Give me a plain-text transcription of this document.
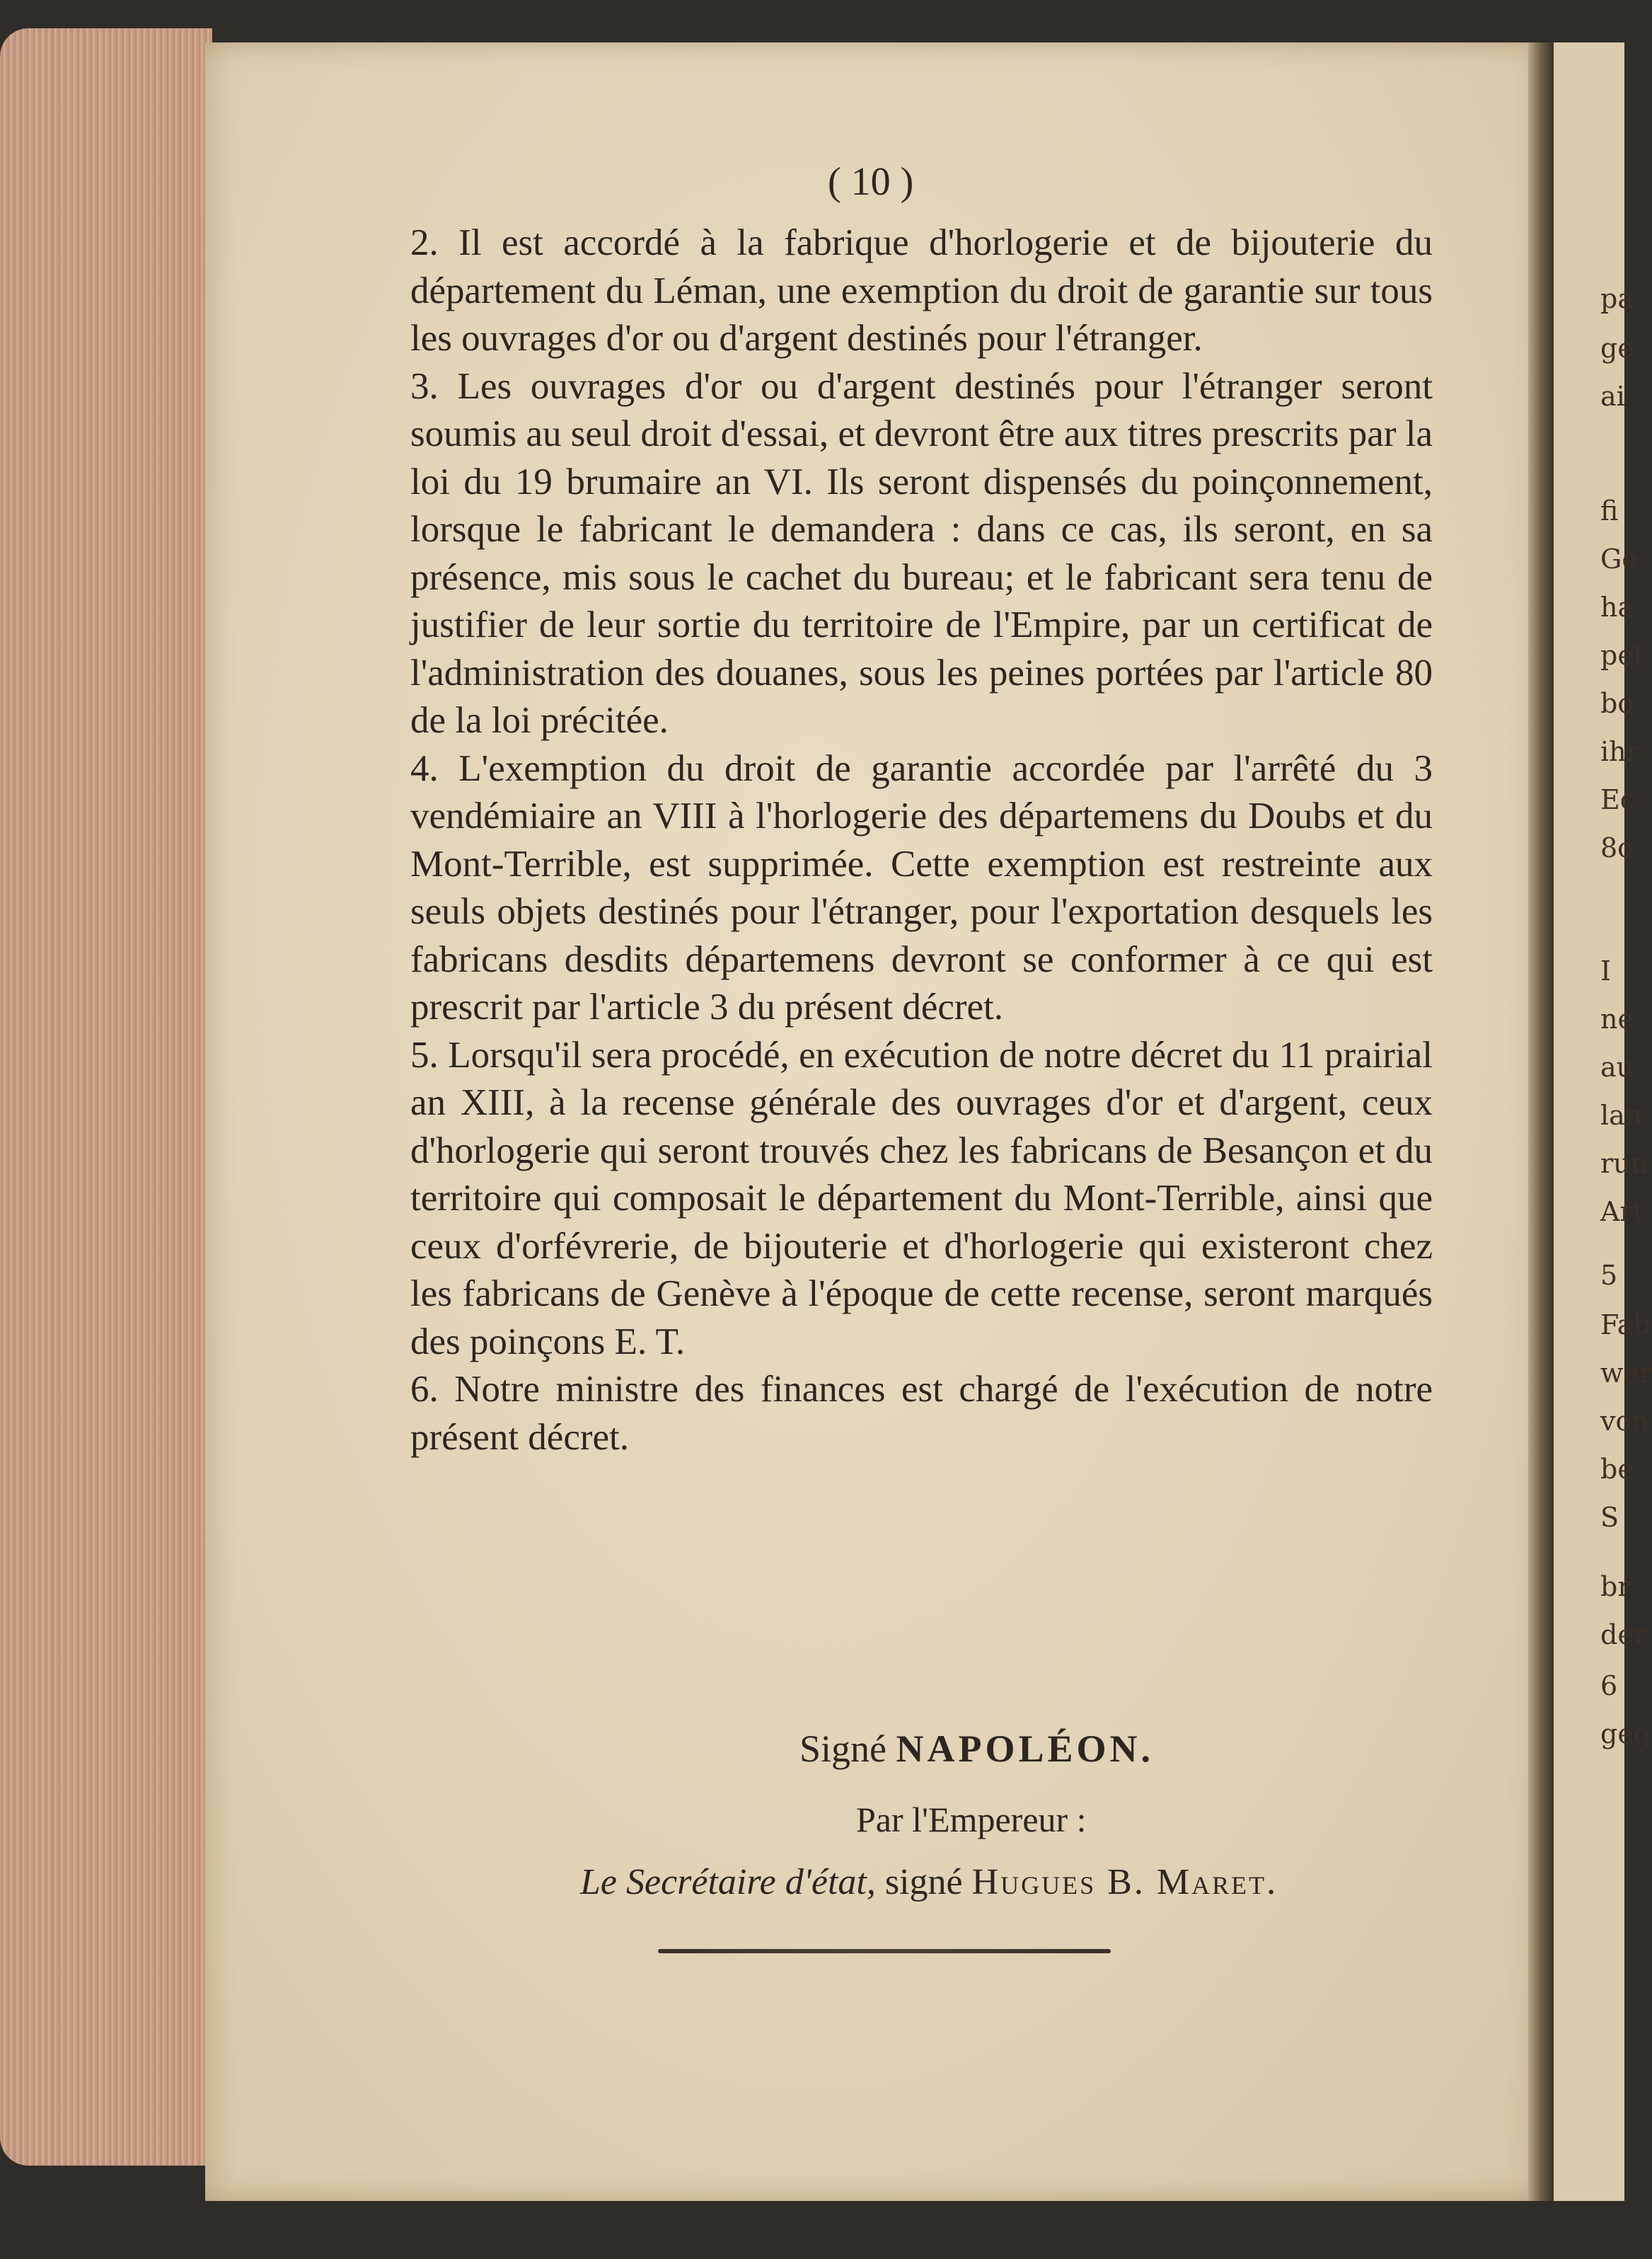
pa
ge
ai
fi
Ge
ha
pel
bo
ihr
Ec
8o
I
ne
au
lan
run
Art
5
Fab
wer
von
be
S
br
der
6
geg
( 10 )

2. Il est accordé à la fabrique d'horlogerie et de bijouterie du département du Léman, une exemption du droit de garantie sur tous les ouvrages d'or ou d'argent destinés pour l'étranger.

3. Les ouvrages d'or ou d'argent destinés pour l'étranger seront soumis au seul droit d'essai, et devront être aux titres prescrits par la loi du 19 brumaire an VI. Ils seront dispensés du poinçonnement, lorsque le fabricant le demandera : dans ce cas, ils seront, en sa présence, mis sous le cachet du bureau; et le fabricant sera tenu de justifier de leur sortie du territoire de l'Empire, par un certificat de l'administration des douanes, sous les peines portées par l'article 80 de la loi précitée.

4. L'exemption du droit de garantie accordée par l'arrêté du 3 vendémiaire an VIII à l'horlogerie des départemens du Doubs et du Mont-Terrible, est supprimée. Cette exemption est restreinte aux seuls objets destinés pour l'étranger, pour l'exportation desquels les fabricans desdits départemens devront se conformer à ce qui est prescrit par l'article 3 du présent décret.

5. Lorsqu'il sera procédé, en exécution de notre décret du 11 prairial an XIII, à la recense générale des ouvrages d'or et d'argent, ceux d'horlogerie qui seront trouvés chez les fabricans de Besançon et du territoire qui composait le département du Mont-Terrible, ainsi que ceux d'orfévrerie, de bijouterie et d'horlogerie qui existeront chez les fabricans de Genève à l'époque de cette recense, seront marqués des poinçons E. T.

6. Notre ministre des finances est chargé de l'exécution de notre présent décret.

Signé NAPOLÉON.
Par l'Empereur :
Le Secrétaire d'état, signé Hugues B. Maret.
